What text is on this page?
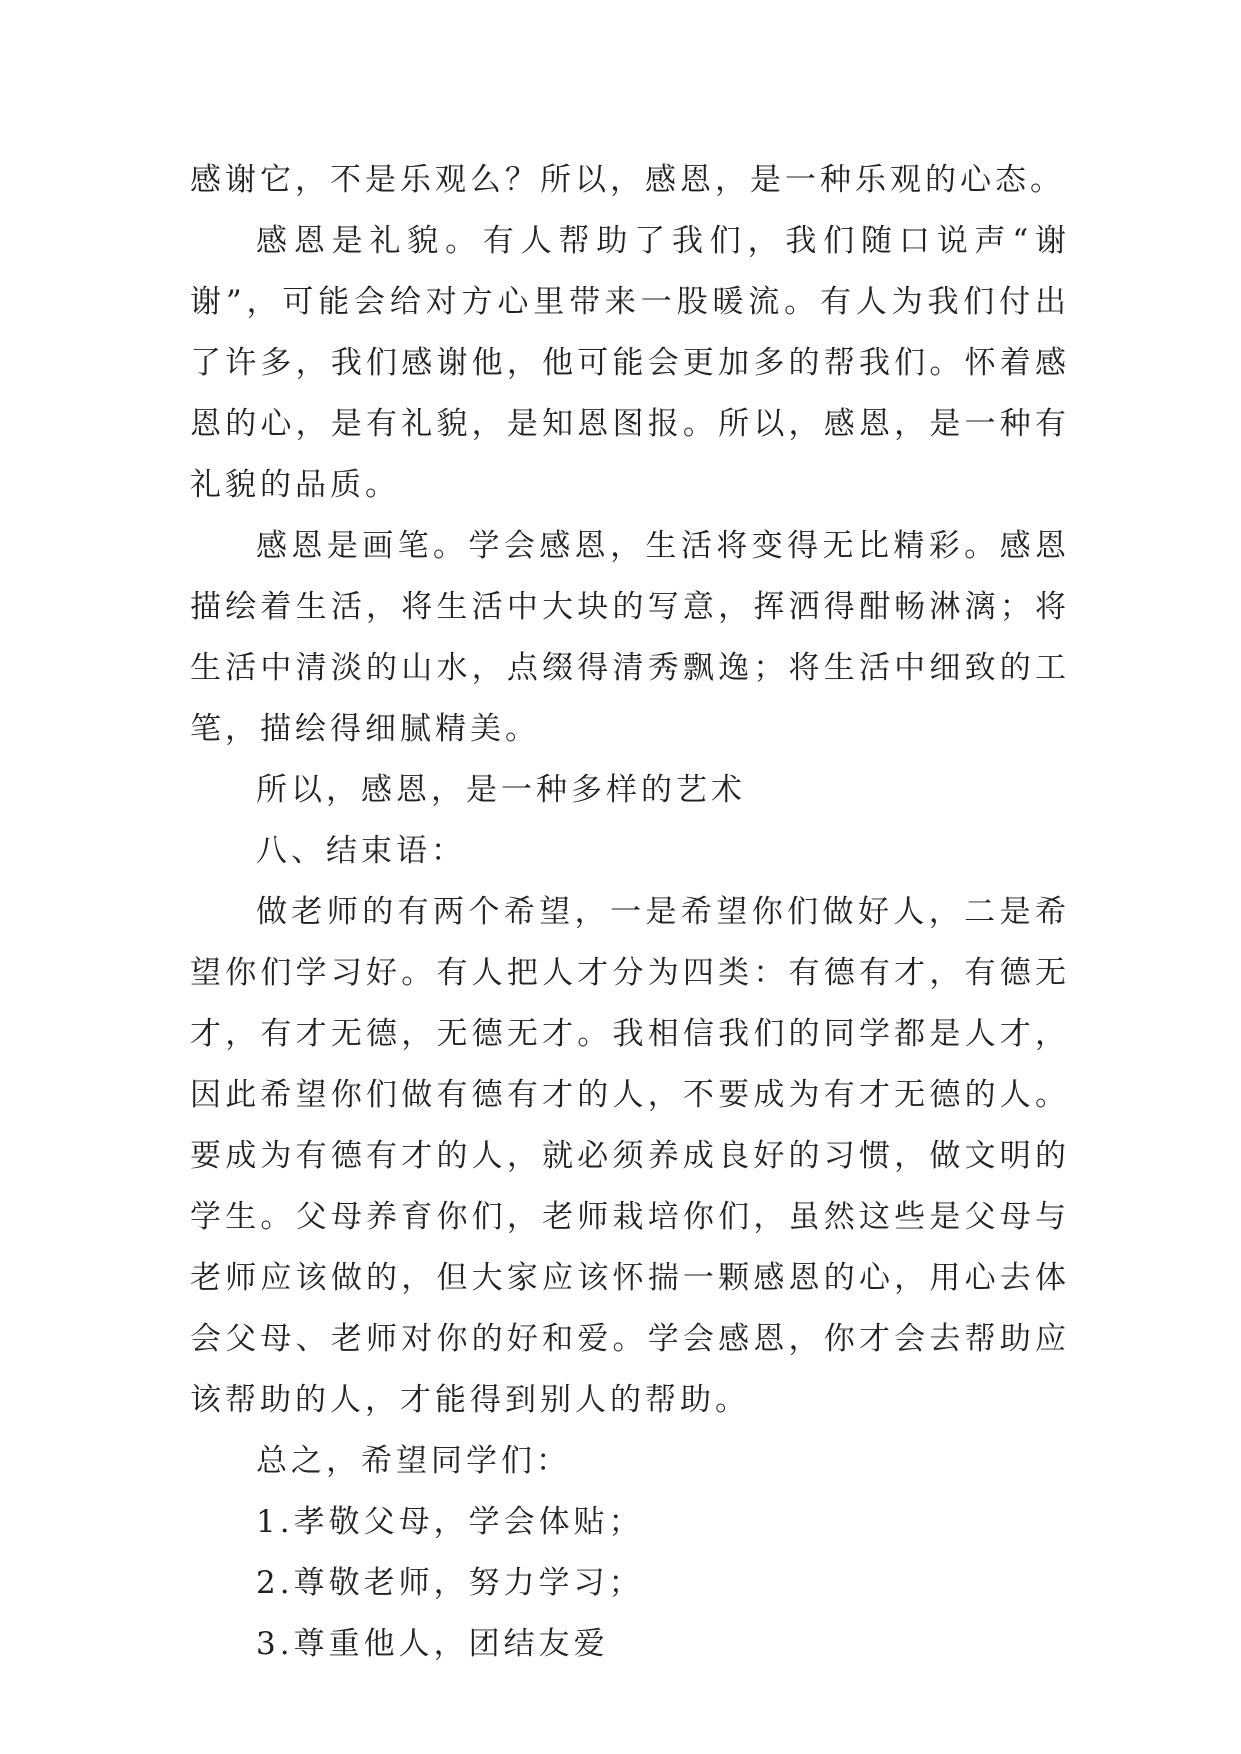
感谢它，不是乐观么？所以，感恩，是一种乐观的心态。

感恩是礼貌。有人帮助了我们，我们随口说声“谢谢”，可能会给对方心里带来一股暖流。有人为我们付出了许多，我们感谢他，他可能会更加多的帮我们。怀着感恩的心，是有礼貌，是知恩图报。所以，感恩，是一种有礼貌的品质。

感恩是画笔。学会感恩，生活将变得无比精彩。感恩描绘着生活，将生活中大块的写意，挥洒得酣畅淋漓；将生活中清淡的山水，点缀得清秀飘逸；将生活中细致的工笔，描绘得细腻精美。

所以，感恩，是一种多样的艺术

八、结束语：

做老师的有两个希望，一是希望你们做好人，二是希望你们学习好。有人把人才分为四类：有德有才，有德无才，有才无德，无德无才。我相信我们的同学都是人才，因此希望你们做有德有才的人，不要成为有才无德的人。要成为有德有才的人，就必须养成良好的习惯，做文明的学生。父母养育你们，老师栽培你们，虽然这些是父母与老师应该做的，但大家应该怀揣一颗感恩的心，用心去体会父母、老师对你的好和爱。学会感恩，你才会去帮助应该帮助的人，才能得到别人的帮助。

总之，希望同学们：

1.孝敬父母，学会体贴；

2.尊敬老师，努力学习；

3.尊重他人，团结友爱
